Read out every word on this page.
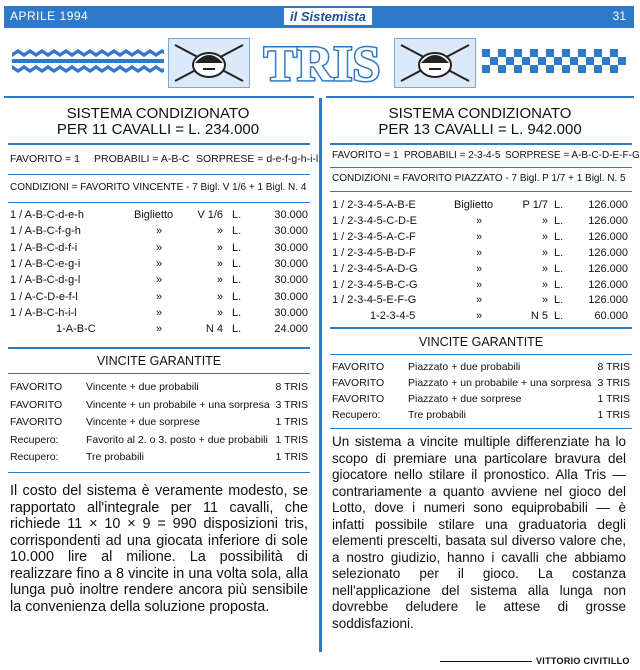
APRILE 1994	il Sistemista	31
TRIS
SISTEMA CONDIZIONATO
PER 11 CAVALLI = L. 234.000
FAVORITO = 1 PROBABILI = A-B-C SORPRESE = d-e-f-g-h-i-l
CONDIZIONI = FAVORITO VINCENTE - 7 Bigl. V 1/6 + 1 Bigl. N. 4
1 / A-B-C-d-e-h	Biglietto V 1/6 L.	30.000
1 / A-B-C-f-g-h	»	» L.	30.000
1 / A-B-C-d-f-i	»	» L.	30.000
1 / A-B-C-e-g-i	»	» L.	30.000
1 / A-B-C-d-g-l	»	» L.	30.000
1 / A-C-D-e-f-l	»	» L.	30.000
1 / A-B-C-h-i-l	»	» L.	30.000
1-A-B-C	»	N 4 L.	24.000
VINCITE GARANTITE
FAVORITO Vincente + due probabili	8 TRIS
FAVORITO Vincente + un probabile + una sorpresa 3 TRIS
FAVORITO Vincente + due sorprese	1 TRIS
Recupero:	Favorito al 2. o 3. posto + due probabili 1 TRIS
Recupero:	Tre probabili	1 TRIS
Il costo del sistema è veramente modesto, se rapportato all'integrale per 11 cavalli, che richiede 11 × 10 × 9 = 990 disposizioni tris, corrispondenti ad una giocata inferiore di sole 10.000 lire al milione. La possibilità di realizzare fino a 8 vincite in una volta sola, alla lunga può inoltre rendere ancora più sensibile la convenienza della soluzione proposta.
SISTEMA CONDIZIONATO
PER 13 CAVALLI = L. 942.000
FAVORITO = 1 PROBABILI = 2-3-4-5 SORPRESE = A-B-C-D-E-F-G
CONDIZIONI = FAVORITO PIAZZATO - 7 Bigl. P 1/7 + 1 Bigl. N. 5
1 / 2-3-4-5-A-B-E	Biglietto	P 1/7 L. 126.000
1 / 2-3-4-5-C-D-E	»	» L. 126.000
1 / 2-3-4-5-A-C-F	»	» L. 126.000
1 / 2-3-4-5-B-D-F	»	» L. 126.000
1 / 2-3-4-5-A-D-G	»	» L. 126.000
1 / 2-3-4-5-B-C-G	»	» L. 126.000
1 / 2-3-4-5-E-F-G	»	» L. 126.000
1-2-3-4-5	»	N 5 L.	60.000
VINCITE GARANTITE
FAVORITO Piazzato + due probabili	8 TRIS
FAVORITO Piazzato + un probabile + una sorpresa 3 TRIS
FAVORITO Piazzato + due sorprese	1 TRIS
Recupero:	Tre probabili	1 TRIS
Un sistema a vincite multiple differenziate ha lo scopo di premiare una particolare bravura del giocatore nello stilare il pronostico. Alla Tris — contrariamente a quanto avviene nel gioco del Lotto, dove i numeri sono equiprobabili — è infatti possibile stilare una graduatoria degli elementi prescelti, basata sul diverso valore che, a nostro giudizio, hanno i cavalli che abbiamo selezionato per il gioco. La costanza nell'applicazione del sistema alla lunga non dovrebbe deludere le attese di grosse soddisfazioni.
VITTORIO CIVITILLO
